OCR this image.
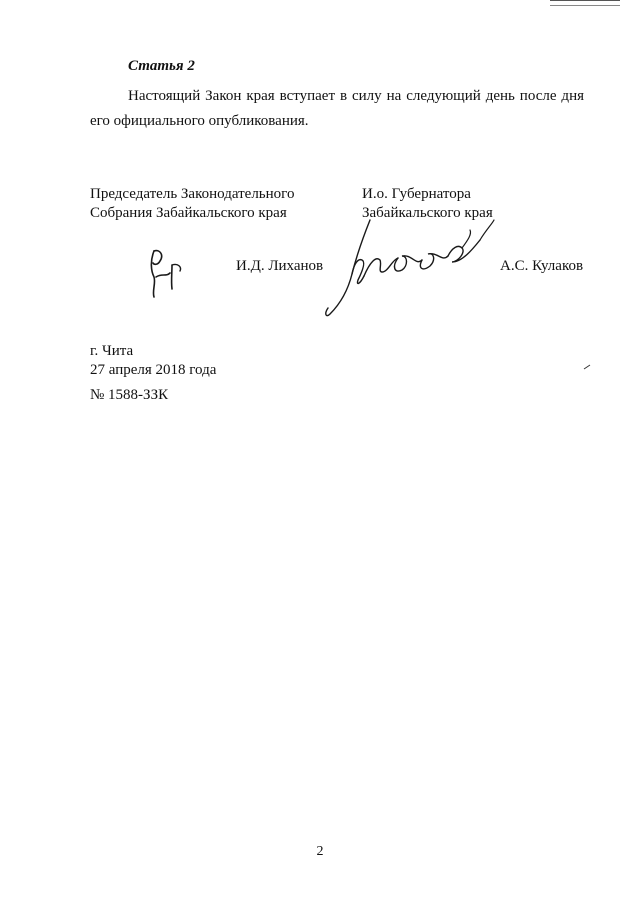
Статья 2

Настоящий Закон края вступает в силу на следующий день после дня его официального опубликования.

Председатель Законодательного
Собрания Забайкальского края
И.о. Губернатора
Забайкальского края
И.Д. Лиханов	А.С. Кулаков
г. Чита
27 апреля 2018 года
№ 1588-ЗЗК
2
